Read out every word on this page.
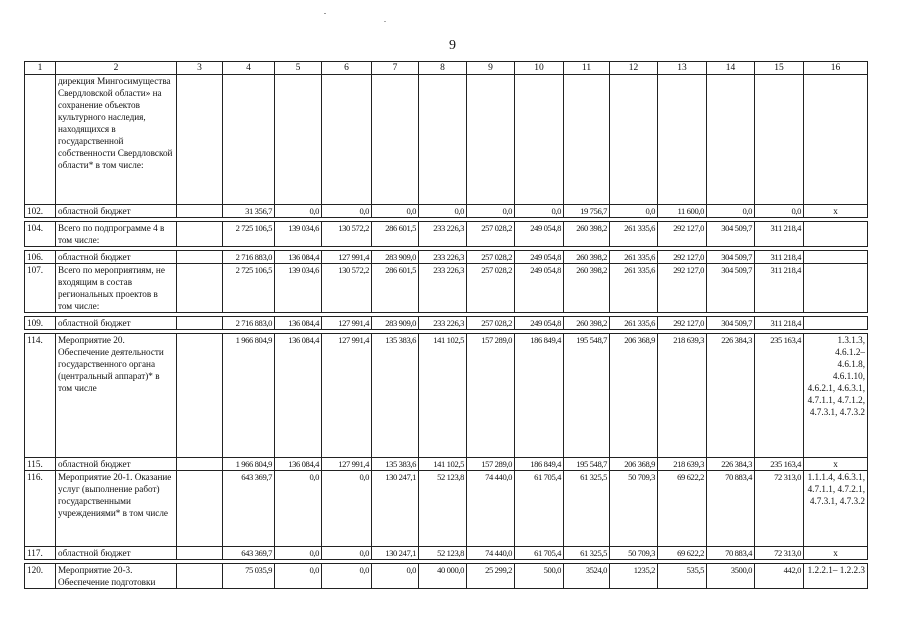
9
1	2	3	4	5	6	7	8	9	10	11	12	13	14	15	16
	дирекция Мингосимущества Свердловской области» на сохранение объектов культурного наследия, находящихся в государственной собственности Свердловской области* в том числе:														
102.	областной бюджет		31 356,7	0,0	0,0	0,0	0,0	0,0	0,0	19 756,7	0,0	11 600,0	0,0	0,0	х

104.	Всего по подпрограмме 4 в том числе:		2 725 106,5	139 034,6	130 572,2	286 601,5	233 226,3	257 028,2	249 054,8	260 398,2	261 335,6	292 127,0	304 509,7	311 218,4	

106.	областной бюджет		2 716 883,0	136 084,4	127 991,4	283 909,0	233 226,3	257 028,2	249 054,8	260 398,2	261 335,6	292 127,0	304 509,7	311 218,4	
107.	Всего по мероприятиям, не входящим в состав региональных проектов в том числе:		2 725 106,5	139 034,6	130 572,2	286 601,5	233 226,3	257 028,2	249 054,8	260 398,2	261 335,6	292 127,0	304 509,7	311 218,4	

109.	областной бюджет		2 716 883,0	136 084,4	127 991,4	283 909,0	233 226,3	257 028,2	249 054,8	260 398,2	261 335,6	292 127,0	304 509,7	311 218,4	

114.	Мероприятие 20. Обеспечение деятельности государственного органа (центральный аппарат)* в том числе		1 966 804,9	136 084,4	127 991,4	135 383,6	141 102,5	157 289,0	186 849,4	195 548,7	206 368,9	218 639,3	226 384,3	235 163,4	1.3.1.3, 4.6.1.2– 4.6.1.8, 4.6.1.10, 4.6.2.1, 4.6.3.1, 4.7.1.1, 4.7.1.2, 4.7.3.1, 4.7.3.2
115.	областной бюджет		1 966 804,9	136 084,4	127 991,4	135 383,6	141 102,5	157 289,0	186 849,4	195 548,7	206 368,9	218 639,3	226 384,3	235 163,4	х
116.	Мероприятие 20-1. Оказание услуг (выполнение работ) государственными учреждениями* в том числе		643 369,7	0,0	0,0	130 247,1	52 123,8	74 440,0	61 705,4	61 325,5	50 709,3	69 622,2	70 883,4	72 313,0	1.1.1.4, 4.6.3.1, 4.7.1.1, 4.7.2.1, 4.7.3.1, 4.7.3.2
117.	областной бюджет		643 369,7	0,0	0,0	130 247,1	52 123,8	74 440,0	61 705,4	61 325,5	50 709,3	69 622,2	70 883,4	72 313,0	х

120.	Мероприятие 20-3. Обеспечение подготовки		75 035,9	0,0	0,0	0,0	40 000,0	25 299,2	500,0	3524,0	1235,2	535,5	3500,0	442,0	1.2.2.1– 1.2.2.3
